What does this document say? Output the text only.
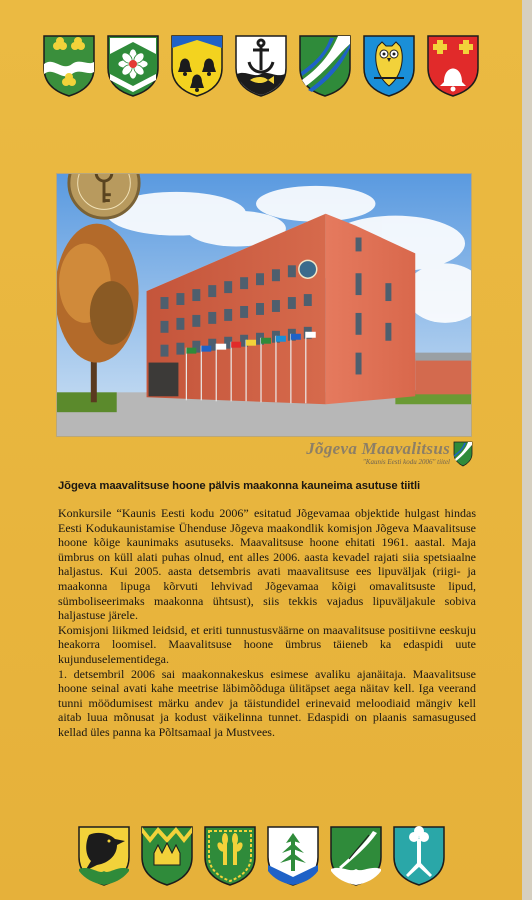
Jõgeva Maavalitsus
"Kaunis Eesti kodu 2006" tiitel
Jõgeva maavalitsuse hoone pälvis maakonna kauneima asutuse tiitli

Konkursile “Kaunis Eesti kodu 2006” esitatud Jõgevamaa objektide hulgast hindas Eesti Kodukaunistamise Ühenduse Jõgeva maakondlik komisjon Jõgeva Maavalitsuse hoone kõige kaunimaks asutuseks. Maavalitsuse hoone ehitati 1961. aastal. Maja ümbrus on küll alati puhas olnud, ent alles 2006. aasta kevadel rajati siia spetsiaalne haljastus. Kui 2005. aasta detsembris avati maavalitsuse ees lipuväljak (riigi- ja maakonna lipuga kõrvuti lehvivad Jõgevamaa kõigi omavalitsuste lipud, sümboliseerimaks maakonna ühtsust), siis tekkis vajadus lipuväljakule sobiva haljastuse järele.

Komisjoni liikmed leidsid, et eriti tunnustusväärne on maavalitsuse positiivne eeskuju heakorra loomisel. Maavalitsuse hoone ümbrus täieneb ka edaspidi uute kujunduselementidega.

1. detsembril 2006 sai maakonnakeskus esimese avaliku ajanäitaja. Maavalitsuse hoone seinal avati kahe meetrise läbimõõduga ülitäpset aega näitav kell. Iga veerand tunni möödumisest märku andev ja täistundidel erinevaid meloodiaid mängiv kell aitab luua mõnusat ja kodust väikelinna tunnet. Edaspidi on plaanis samasugused kellad üles panna ka Põltsamaal ja Mustvees.
